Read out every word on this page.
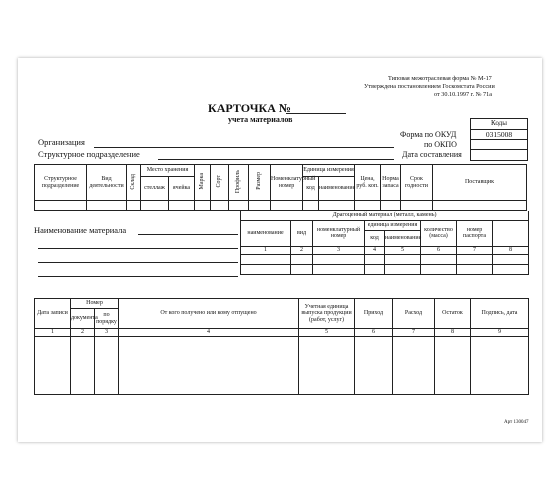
Типовая межотраслевая форма № М-17
Утверждена постановлением Госкомстата России
от 30.10.1997 г. № 71а
КАРТОЧКА №
учета материалов	Коды
0315008
Форма по ОКУД
по ОКПО
Дата составления
Организация
Структурное подразделение
Структурное подразделение	Вид деятельности	Склад	Место хранения		Марка	Сорт	Профиль	Размер	Номенклатурный номер	Единица измерения		Цена, руб. коп.	Норма запаса	Срок годности	Поставщик
			стеллаж	ячейка						код	наименование				

Наименование материала
Драгоценный материал (металл, камень)							
наименование	вид	номенклатурный номер	единица измерения		количество (масса)	номер паспорта	
			код	наименование			
1	2	3	4	5	6	7	8

Дата записи	Номер		От кого получено или кому отпущено	Учетная единица выпуска продукции (работ, услуг)	Приход	Расход	Остаток	Подпись, дата
	документа	по порядку						
1	2	3	4	5	6	7	8	9

Арт 130047
